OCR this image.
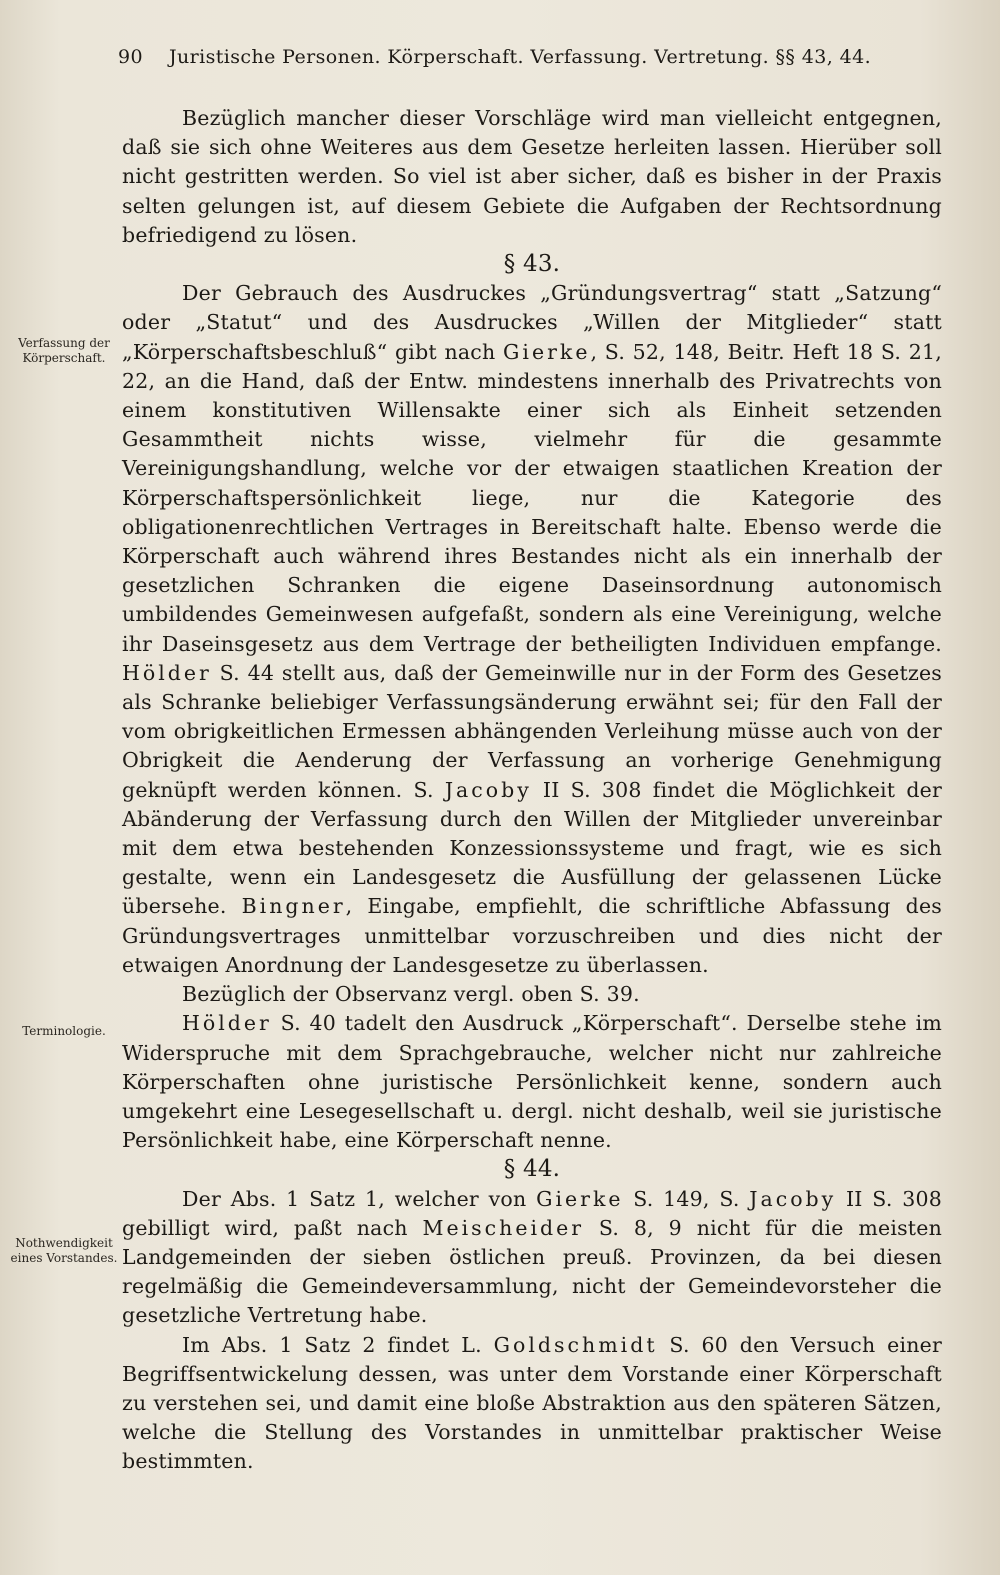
90 Juristische Personen. Körperschaft. Verfassung. Vertretung. §§ 43, 44.
Verfassung der Körperschaft.
Terminologie.
Nothwendigkeit eines Vorstandes.

Bezüglich mancher dieser Vorschläge wird man vielleicht entgegnen, daß sie sich ohne Weiteres aus dem Gesetze herleiten lassen. Hierüber soll nicht gestritten werden. So viel ist aber sicher, daß es bisher in der Praxis selten gelungen ist, auf diesem Gebiete die Aufgaben der Rechtsordnung befriedigend zu lösen.

§ 43.

Der Gebrauch des Ausdruckes „Gründungsvertrag“ statt „Satzung“ oder „Statut“ und des Ausdruckes „Willen der Mitglieder“ statt „Körperschaftsbeschluß“ gibt nach Gierke, S. 52, 148, Beitr. Heft 18 S. 21, 22, an die Hand, daß der Entw. mindestens innerhalb des Privatrechts von einem konstitutiven Willensakte einer sich als Einheit setzenden Gesammtheit nichts wisse, vielmehr für die gesammte Vereinigungshandlung, welche vor der etwaigen staatlichen Kreation der Körperschaftspersönlichkeit liege, nur die Kategorie des obligationenrechtlichen Vertrages in Bereitschaft halte. Ebenso werde die Körperschaft auch während ihres Bestandes nicht als ein innerhalb der gesetzlichen Schranken die eigene Daseinsordnung autonomisch umbildendes Gemeinwesen aufgefaßt, sondern als eine Vereinigung, welche ihr Daseinsgesetz aus dem Vertrage der betheiligten Individuen empfange. Hölder S. 44 stellt aus, daß der Gemeinwille nur in der Form des Gesetzes als Schranke beliebiger Verfassungsänderung erwähnt sei; für den Fall der vom obrigkeitlichen Ermessen abhängenden Verleihung müsse auch von der Obrigkeit die Aenderung der Verfassung an vorherige Genehmigung geknüpft werden können. S. Jacoby II S. 308 findet die Möglichkeit der Abänderung der Verfassung durch den Willen der Mitglieder unvereinbar mit dem etwa bestehenden Konzessionssysteme und fragt, wie es sich gestalte, wenn ein Landesgesetz die Ausfüllung der gelassenen Lücke übersehe. Bingner, Eingabe, empfiehlt, die schriftliche Abfassung des Gründungsvertrages unmittelbar vorzuschreiben und dies nicht der etwaigen Anordnung der Landesgesetze zu überlassen.

Bezüglich der Observanz vergl. oben S. 39.

Hölder S. 40 tadelt den Ausdruck „Körperschaft“. Derselbe stehe im Widerspruche mit dem Sprachgebrauche, welcher nicht nur zahlreiche Körperschaften ohne juristische Persönlichkeit kenne, sondern auch umgekehrt eine Lesegesellschaft u. dergl. nicht deshalb, weil sie juristische Persönlichkeit habe, eine Körperschaft nenne.

§ 44.

Der Abs. 1 Satz 1, welcher von Gierke S. 149, S. Jacoby II S. 308 gebilligt wird, paßt nach Meischeider S. 8, 9 nicht für die meisten Landgemeinden der sieben östlichen preuß. Provinzen, da bei diesen regelmäßig die Gemeindeversammlung, nicht der Gemeindevorsteher die gesetzliche Vertretung habe.

Im Abs. 1 Satz 2 findet L. Goldschmidt S. 60 den Versuch einer Begriffsentwickelung dessen, was unter dem Vorstande einer Körperschaft zu verstehen sei, und damit eine bloße Abstraktion aus den späteren Sätzen, welche die Stellung des Vorstandes in unmittelbar praktischer Weise bestimmten.
